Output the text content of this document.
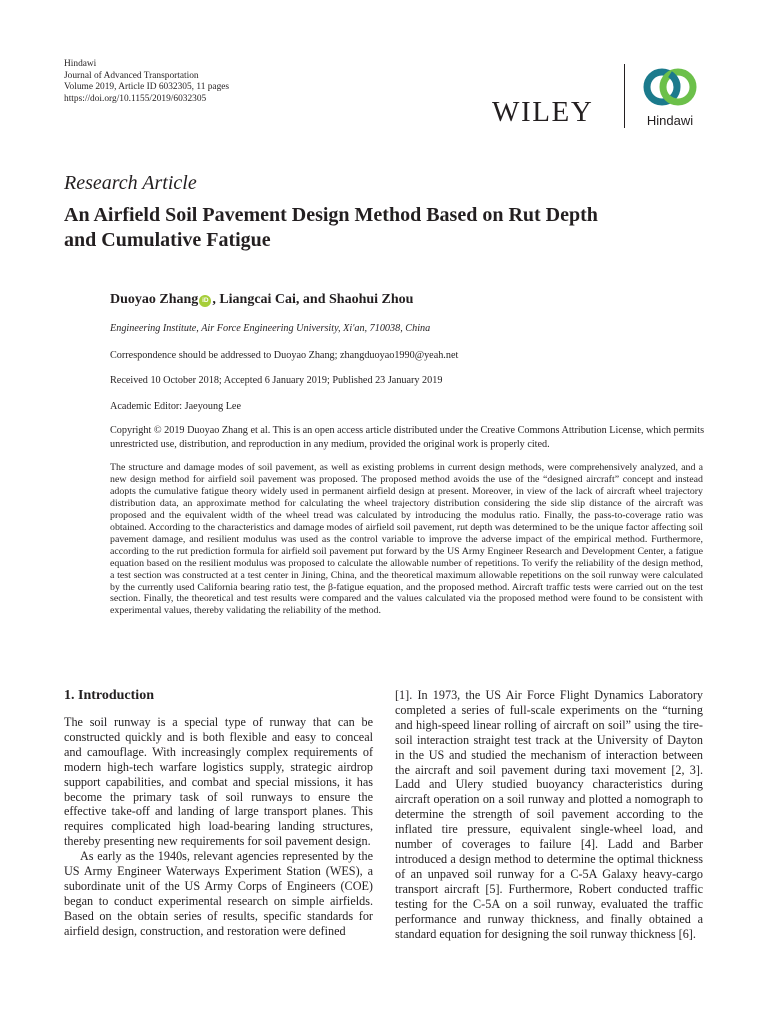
Hindawi
Journal of Advanced Transportation
Volume 2019, Article ID 6032305, 11 pages
https://doi.org/10.1155/2019/6032305	WILEY	Hindawi
Research Article
An Airfield Soil Pavement Design Method Based on Rut Depth and Cumulative Fatigue
Duoyao Zhang iD , Liangcai Cai, and Shaohui Zhou
Engineering Institute, Air Force Engineering University, Xi'an, 710038, China
Correspondence should be addressed to Duoyao Zhang; zhangduoyao1990@yeah.net
Received 10 October 2018; Accepted 6 January 2019; Published 23 January 2019
Academic Editor: Jaeyoung Lee
Copyright © 2019 Duoyao Zhang et al. This is an open access article distributed under the Creative Commons Attribution License, which permits unrestricted use, distribution, and reproduction in any medium, provided the original work is properly cited.
The structure and damage modes of soil pavement, as well as existing problems in current design methods, were comprehensively analyzed, and a new design method for airfield soil pavement was proposed. The proposed method avoids the use of the “designed aircraft” concept and instead adopts the cumulative fatigue theory widely used in permanent airfield design at present. Moreover, in view of the lack of aircraft wheel trajectory distribution data, an approximate method for calculating the wheel trajectory distribution considering the side slip distance of the aircraft was proposed and the equivalent width of the wheel tread was calculated by introducing the modulus ratio. Finally, the pass-to-coverage ratio was obtained. According to the characteristics and damage modes of airfield soil pavement, rut depth was determined to be the unique factor affecting soil pavement damage, and resilient modulus was used as the control variable to improve the adverse impact of the empirical method. Furthermore, according to the rut prediction formula for airfield soil pavement put forward by the US Army Engineer Research and Development Center, a fatigue equation based on the resilient modulus was proposed to calculate the allowable number of repetitions. To verify the reliability of the design method, a test section was constructed at a test center in Jining, China, and the theoretical maximum allowable repetitions on the soil runway were calculated by the currently used California bearing ratio test, the β-fatigue equation, and the proposed method. Aircraft traffic tests were carried out on the test section. Finally, the theoretical and test results were compared and the values calculated via the proposed method were found to be consistent with experimental values, thereby validating the reliability of the method.
1. Introduction

The soil runway is a special type of runway that can be constructed quickly and is both flexible and easy to conceal and camouflage. With increasingly complex requirements of modern high-tech warfare logistics supply, strategic airdrop support capabilities, and combat and special missions, it has become the primary task of soil runways to ensure the effective take-off and landing of large transport planes. This requires complicated high load-bearing landing structures, thereby presenting new requirements for soil pavement design.

As early as the 1940s, relevant agencies represented by the US Army Engineer Waterways Experiment Station (WES), a subordinate unit of the US Army Corps of Engineers (COE) began to conduct experimental research on simple airfields. Based on the obtain series of results, specific standards for airfield design, construction, and restoration were defined

[1]. In 1973, the US Air Force Flight Dynamics Laboratory completed a series of full-scale experiments on the “turning and high-speed linear rolling of aircraft on soil” using the tire-soil interaction straight test track at the University of Dayton in the US and studied the mechanism of interaction between the aircraft and soil pavement during taxi movement [2, 3]. Ladd and Ulery studied buoyancy characteristics during aircraft operation on a soil runway and plotted a nomograph to determine the strength of soil pavement according to the inflated tire pressure, equivalent single-wheel load, and number of coverages to failure [4]. Ladd and Barber introduced a design method to determine the optimal thickness of an unpaved soil runway for a C-5A Galaxy heavy-cargo transport aircraft [5]. Furthermore, Robert conducted traffic testing for the C-5A on a soil runway, evaluated the traffic performance and runway thickness, and finally obtained a standard equation for designing the soil runway thickness [6].
